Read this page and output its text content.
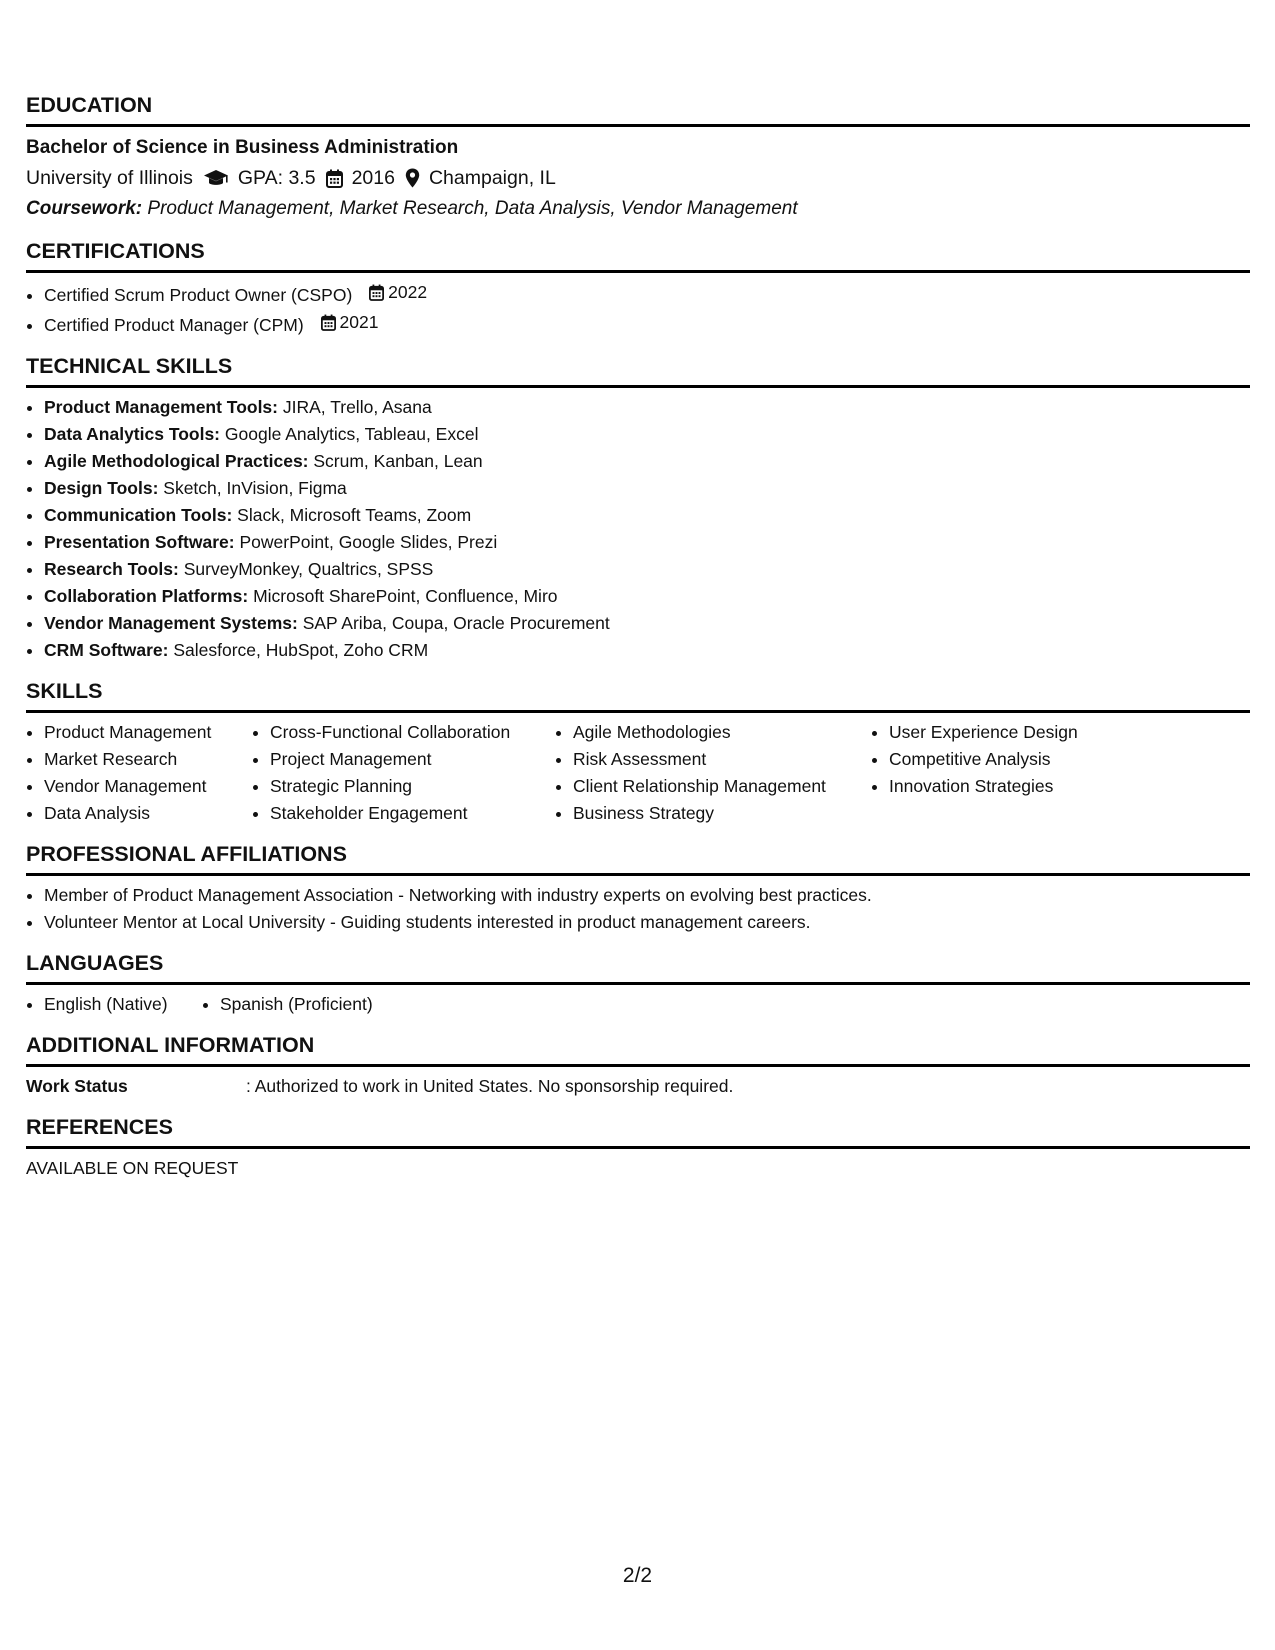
EDUCATION
Bachelor of Science in Business Administration
University of Illinois GPA: 3.5 2016 Champaign, IL
Coursework: Product Management, Market Research, Data Analysis, Vendor Management
CERTIFICATIONS
• Certified Scrum Product Owner (CSPO) 2022
• Certified Product Manager (CPM) 2021
TECHNICAL SKILLS
• Product Management Tools: JIRA, Trello, Asana
• Data Analytics Tools: Google Analytics, Tableau, Excel
• Agile Methodological Practices: Scrum, Kanban, Lean
• Design Tools: Sketch, InVision, Figma
• Communication Tools: Slack, Microsoft Teams, Zoom
• Presentation Software: PowerPoint, Google Slides, Prezi
• Research Tools: SurveyMonkey, Qualtrics, SPSS
• Collaboration Platforms: Microsoft SharePoint, Confluence, Miro
• Vendor Management Systems: SAP Ariba, Coupa, Oracle Procurement
• CRM Software: Salesforce, HubSpot, Zoho CRM
SKILLS
• Product Management
• Market Research
• Vendor Management
• Data Analysis
• Cross-Functional Collaboration
• Project Management
• Strategic Planning
• Stakeholder Engagement
• Agile Methodologies
• Risk Assessment
• Client Relationship Management
• Business Strategy
• User Experience Design
• Competitive Analysis
• Innovation Strategies
PROFESSIONAL AFFILIATIONS
• Member of Product Management Association - Networking with industry experts on evolving best practices.
• Volunteer Mentor at Local University - Guiding students interested in product management careers.
LANGUAGES
• English (Native)
•	Spanish (Proficient)
ADDITIONAL INFORMATION
Work Status	: Authorized to work in United States. No sponsorship required.
REFERENCES
AVAILABLE ON REQUEST
2/2
